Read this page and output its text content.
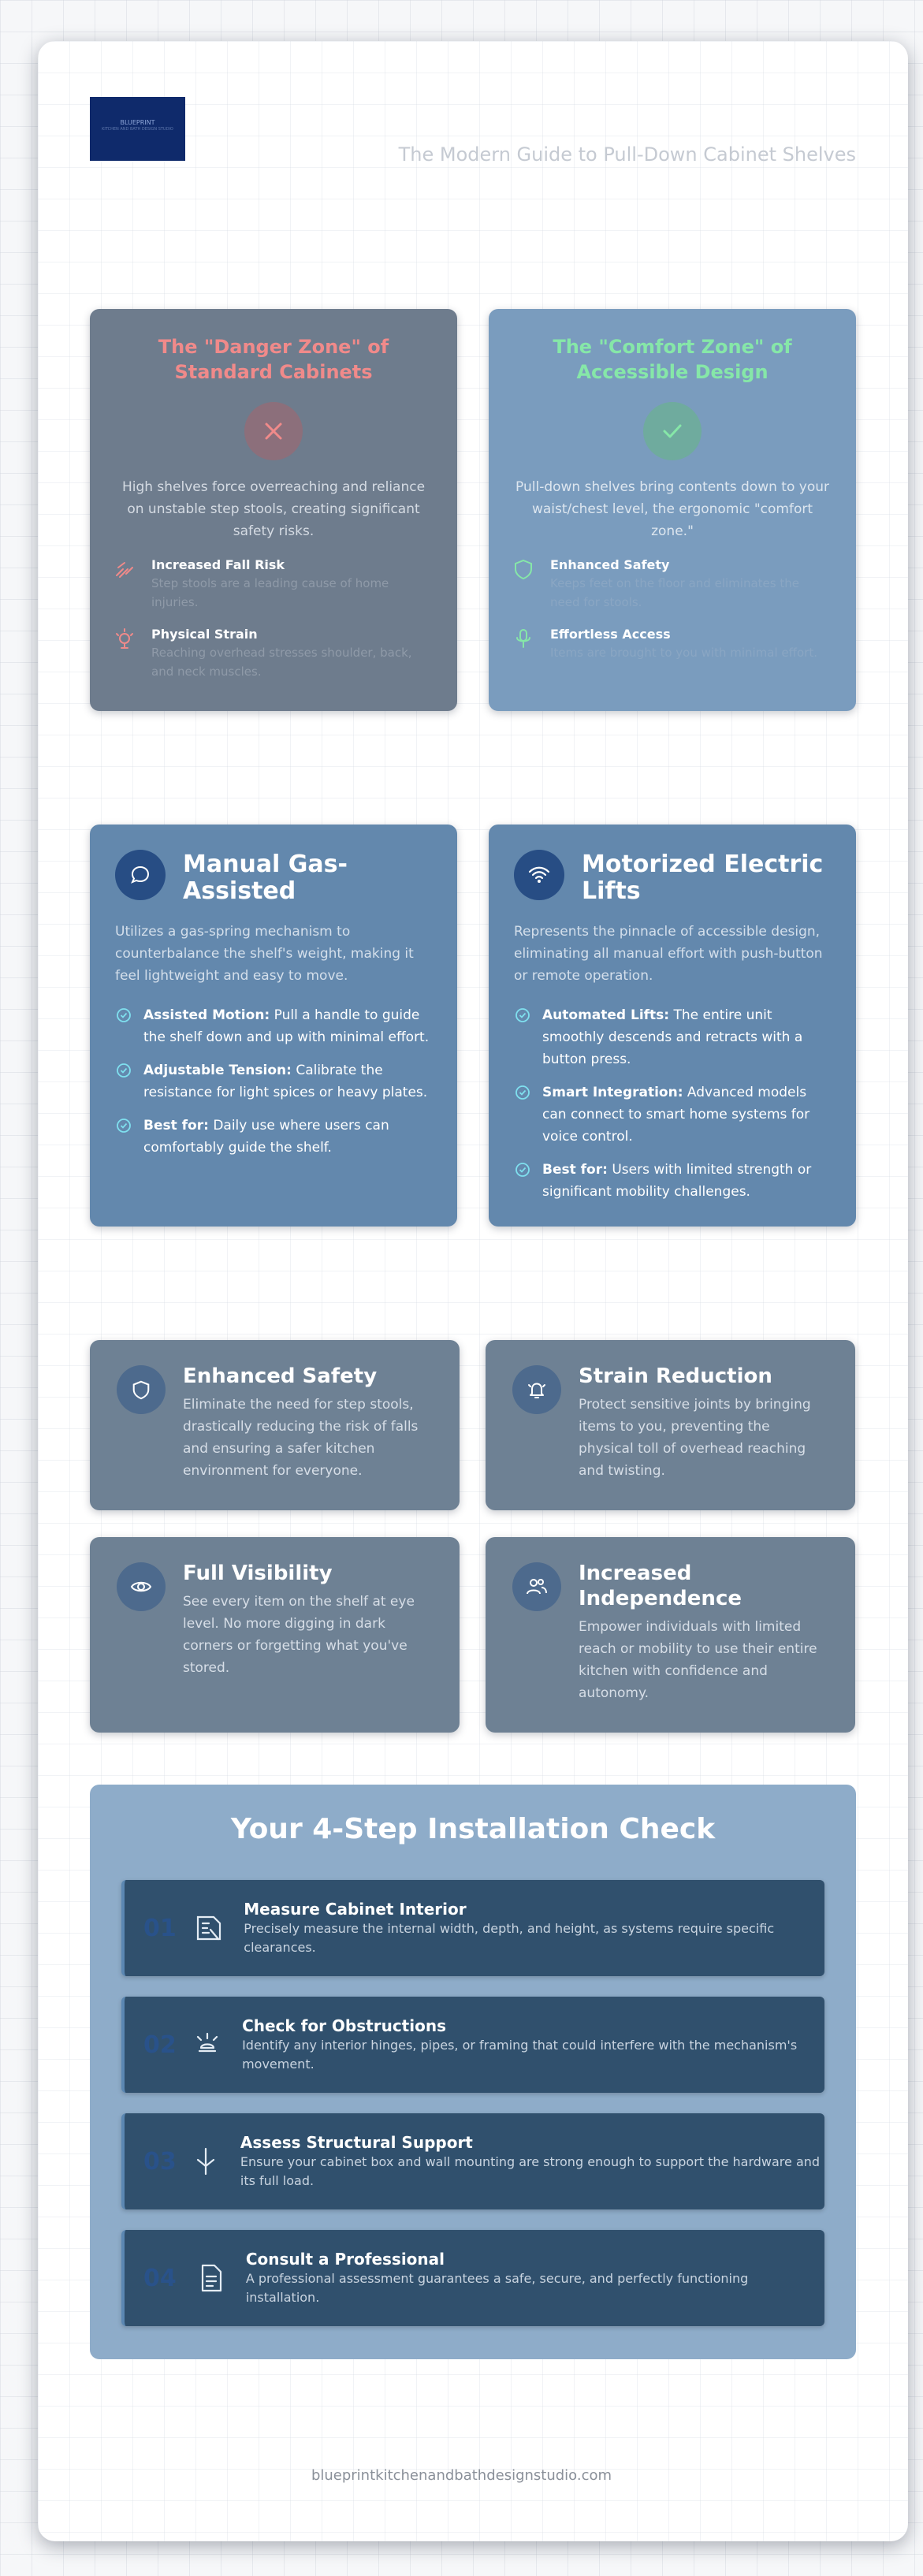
BLUEPRINT
KITCHEN AND BATH DESIGN STUDIO
The Modern Guide to Pull-Down Cabinet Shelves
The "Danger Zone" of Standard Cabinets

High shelves force overreaching and reliance on unstable step stools, creating significant safety risks.

Increased Fall Risk
Step stools are a leading cause of home injuries.
Physical Strain
Reaching overhead stresses shoulder, back, and neck muscles.
The "Comfort Zone" of Accessible Design

Pull-down shelves bring contents down to your waist/chest level, the ergonomic "comfort zone."

Enhanced Safety
Keeps feet on the floor and eliminates the need for stools.
Effortless Access
Items are brought to you with minimal effort.
Manual Gas-Assisted

Utilizes a gas-spring mechanism to counterbalance the shelf's weight, making it feel lightweight and easy to move.

Assisted Motion: Pull a handle to guide the shelf down and up with minimal effort.
Adjustable Tension: Calibrate the resistance for light spices or heavy plates.
Best for: Daily use where users can comfortably guide the shelf.
Motorized Electric Lifts

Represents the pinnacle of accessible design, eliminating all manual effort with push-button or remote operation.

Automated Lifts: The entire unit smoothly descends and retracts with a button press.
Smart Integration: Advanced models can connect to smart home systems for voice control.
Best for: Users with limited strength or significant mobility challenges.
Enhanced Safety

Eliminate the need for step stools, drastically reducing the risk of falls and ensuring a safer kitchen environment for everyone.

Strain Reduction

Protect sensitive joints by bringing items to you, preventing the physical toll of overhead reaching and twisting.

Full Visibility

See every item on the shelf at eye level. No more digging in dark corners or forgetting what you've stored.

Increased Independence

Empower individuals with limited reach or mobility to use their entire kitchen with confidence and autonomy.

Your 4-Step Installation Check
01
Measure Cabinet Interior
Precisely measure the internal width, depth, and height, as systems require specific clearances.
02
Check for Obstructions
Identify any interior hinges, pipes, or framing that could interfere with the mechanism's movement.
03
Assess Structural Support
Ensure your cabinet box and wall mounting are strong enough to support the hardware and its full load.
04
Consult a Professional
A professional assessment guarantees a safe, secure, and perfectly functioning installation.
blueprintkitchenandbathdesignstudio.com
